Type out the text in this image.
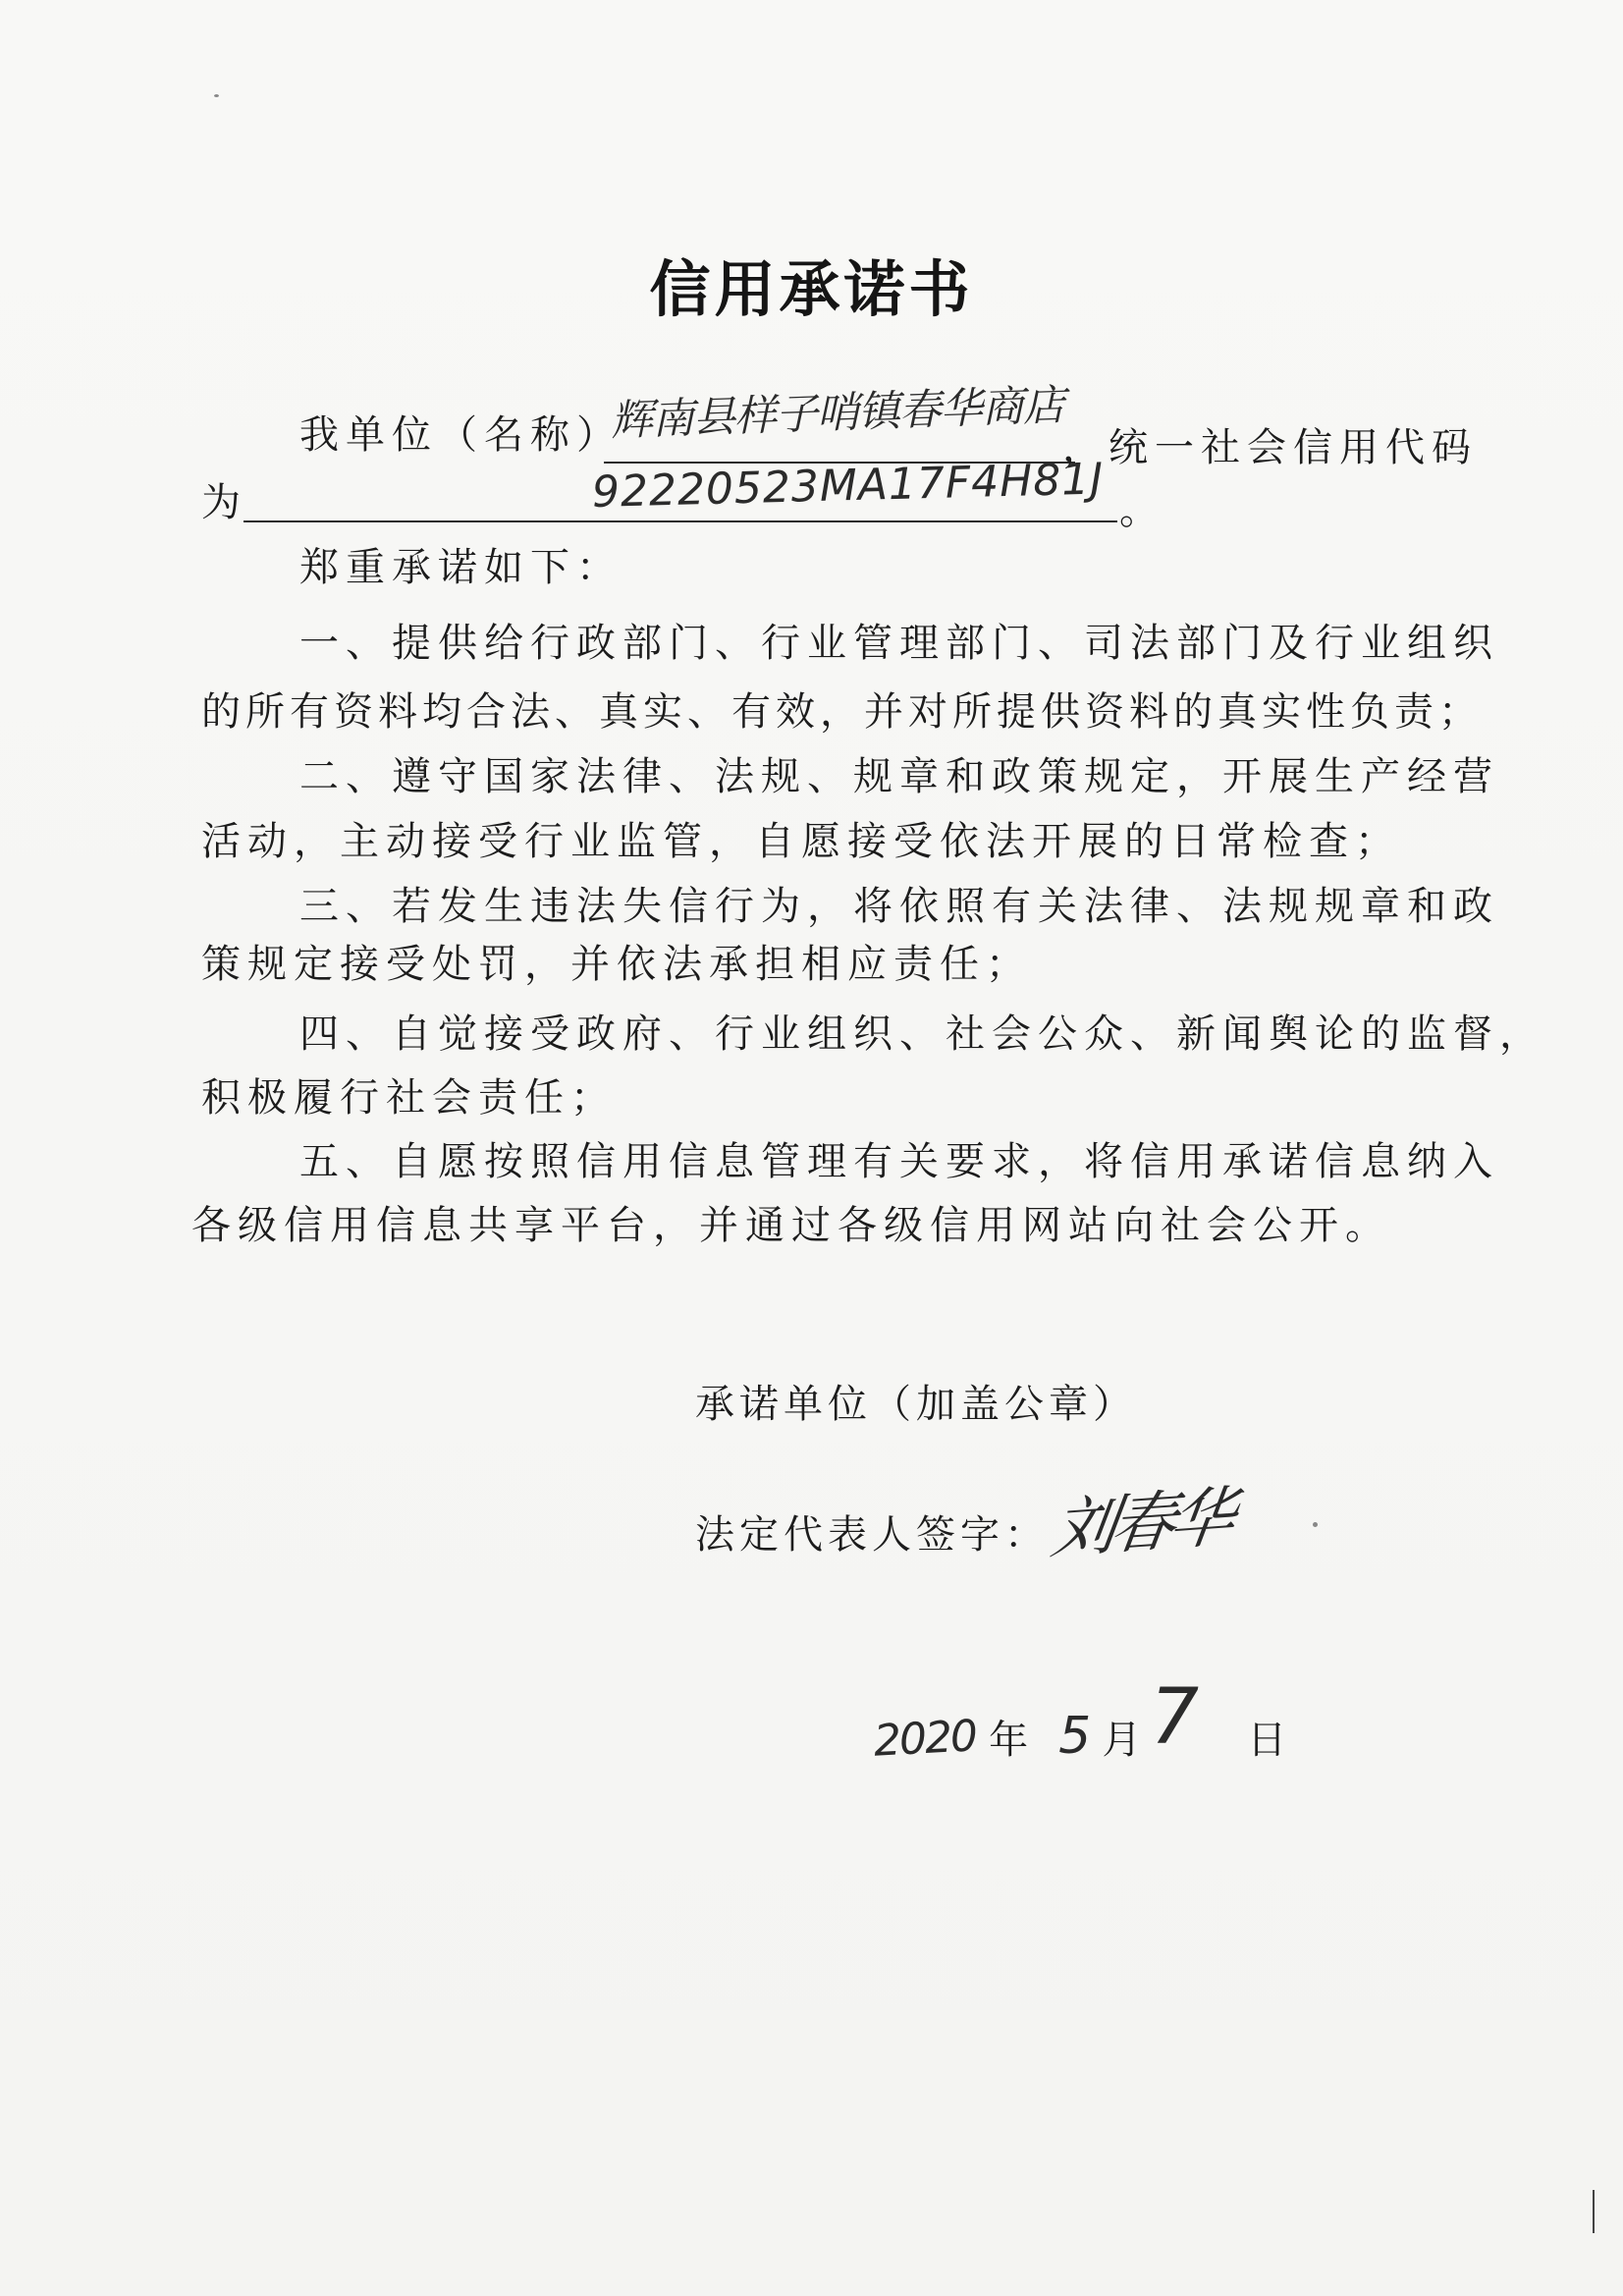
信用承诺书
我单位（名称）
辉南县样子哨镇春华商店
，统一社会信用代码
为	92220523MA17F4H81J 。
郑重承诺如下：
一、提供给行政部门、行业管理部门、司法部门及行业组织
的所有资料均合法、真实、有效，并对所提供资料的真实性负责；
二、遵守国家法律、法规、规章和政策规定，开展生产经营
活动，主动接受行业监管，自愿接受依法开展的日常检查；
三、若发生违法失信行为，将依照有关法律、法规规章和政
策规定接受处罚，并依法承担相应责任；
四、自觉接受政府、行业组织、社会公众、新闻舆论的监督，
积极履行社会责任；
五、自愿按照信用信息管理有关要求，将信用承诺信息纳入
各级信用信息共享平台，并通过各级信用网站向社会公开。
承诺单位（加盖公章）
法定代表人签字：
刘春华
2020 年 5 月 7 日
